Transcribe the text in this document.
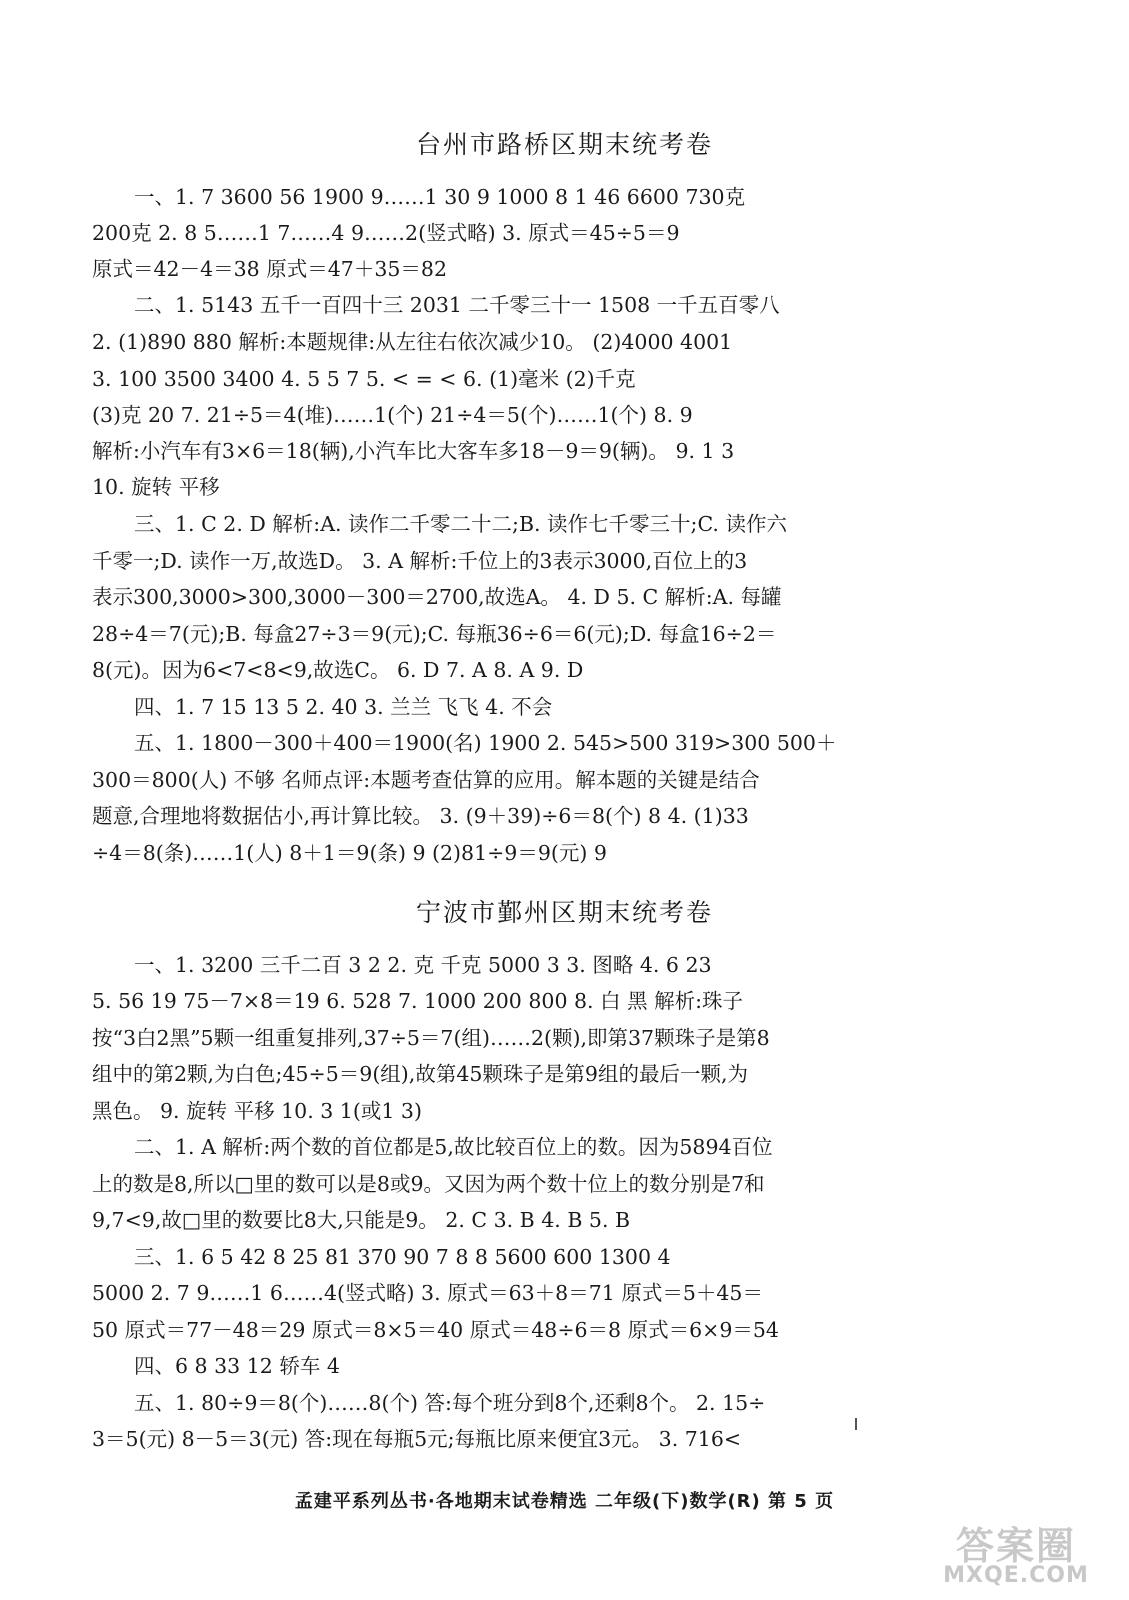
台州市路桥区期末统考卷
一、1. 7 3600 56 1900 9……1 30 9 1000 8 1 46 6600 730克
200克 2. 8 5……1 7……4 9……2(竖式略) 3. 原式＝45÷5＝9
原式＝42－4＝38 原式＝47＋35＝82
二、1. 5143 五千一百四十三 2031 二千零三十一 1508 一千五百零八
2. (1)890 880 解析:本题规律:从左往右依次减少10。 (2)4000 4001
3. 100 3500 3400 4. 5 5 7 5. < = < 6. (1)毫米 (2)千克
(3)克 20 7. 21÷5＝4(堆)……1(个) 21÷4＝5(个)……1(个) 8. 9
解析:小汽车有3×6＝18(辆),小汽车比大客车多18－9＝9(辆)。 9. 1 3
10. 旋转 平移
三、1. C 2. D 解析:A. 读作二千零二十二;B. 读作七千零三十;C. 读作六
千零一;D. 读作一万,故选D。 3. A 解析:千位上的3表示3000,百位上的3
表示300,3000>300,3000－300＝2700,故选A。 4. D 5. C 解析:A. 每罐
28÷4＝7(元);B. 每盒27÷3＝9(元);C. 每瓶36÷6＝6(元);D. 每盒16÷2＝
8(元)。因为6<7<8<9,故选C。 6. D 7. A 8. A 9. D
四、1. 7 15 13 5 2. 40 3. 兰兰 飞飞 4. 不会
五、1. 1800－300＋400＝1900(名) 1900 2. 545>500 319>300 500＋
300＝800(人) 不够 名师点评:本题考查估算的应用。解本题的关键是结合
题意,合理地将数据估小,再计算比较。 3. (9＋39)÷6＝8(个) 8 4. (1)33
÷4＝8(条)……1(人) 8＋1＝9(条) 9 (2)81÷9＝9(元) 9
宁波市鄞州区期末统考卷
一、1. 3200 三千二百 3 2 2. 克 千克 5000 3 3. 图略 4. 6 23
5. 56 19 75－7×8＝19 6. 528 7. 1000 200 800 8. 白 黑 解析:珠子
按“3白2黑”5颗一组重复排列,37÷5＝7(组)……2(颗),即第37颗珠子是第8
组中的第2颗,为白色;45÷5＝9(组),故第45颗珠子是第9组的最后一颗,为
黑色。 9. 旋转 平移 10. 3 1(或1 3)
二、1. A 解析:两个数的首位都是5,故比较百位上的数。因为5894百位
上的数是8,所以□里的数可以是8或9。又因为两个数十位上的数分别是7和
9,7<9,故□里的数要比8大,只能是9。 2. C 3. B 4. B 5. B
三、1. 6 5 42 8 25 81 370 90 7 8 8 5600 600 1300 4
5000 2. 7 9……1 6……4(竖式略) 3. 原式＝63＋8＝71 原式＝5＋45＝
50 原式＝77－48＝29 原式＝8×5＝40 原式＝48÷6＝8 原式＝6×9＝54
四、6 8 33 12 轿车 4
五、1. 80÷9＝8(个)……8(个) 答:每个班分到8个,还剩8个。 2. 15÷
3＝5(元) 8－5＝3(元) 答:现在每瓶5元;每瓶比原来便宜3元。 3. 716<
孟建平系列丛书·各地期末试卷精选 二年级(下)数学(R) 第 5 页
答案圈
MXQE.COM
